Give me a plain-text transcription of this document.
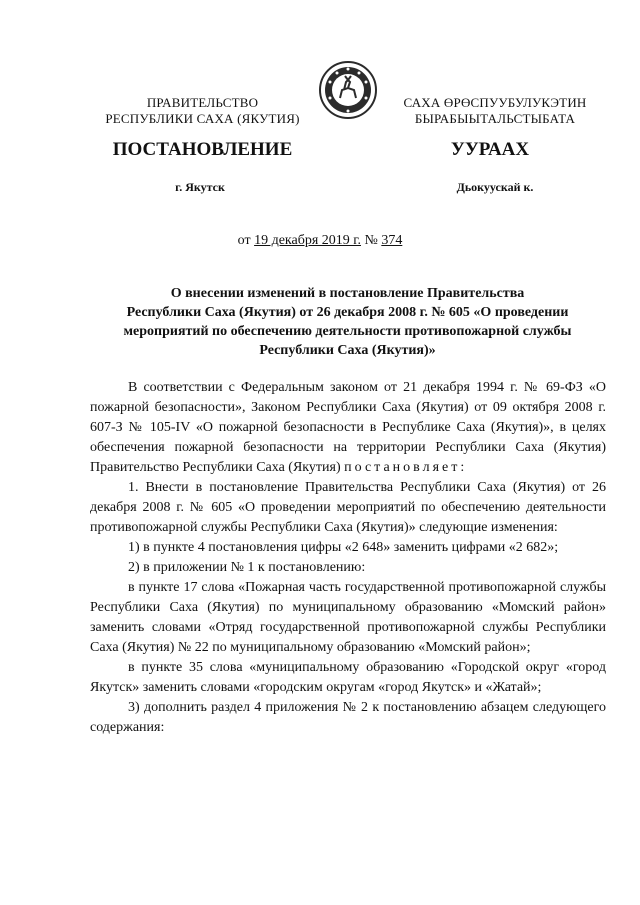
ПРАВИТЕЛЬСТВО
РЕСПУБЛИКИ САХА (ЯКУТИЯ)
САХА ӨРӨСПУУБУЛУКЭТИН
БЫРАБЫЫТАЛЬСТЫБАТА
ПОСТАНОВЛЕНИЕ	УУРААХ
г. Якутск	Дьокуускай к.
от 19 декабря 2019 г. № 374
О внесении изменений в постановление Правительства
Республики Саха (Якутия) от 26 декабря 2008 г. № 605 «О проведении
мероприятий по обеспечению деятельности противопожарной службы
Республики Саха (Якутия)»

В соответствии с Федеральным законом от 21 декабря 1994 г. № 69-ФЗ «О пожарной безопасности», Законом Республики Саха (Якутия) от 09 октября 2008 г. 607-З № 105-IV «О пожарной безопасности в Республике Саха (Якутия)», в целях обеспечения пожарной безопасности на территории Республики Саха (Якутия) Правительство Республики Саха (Якутия) постановляет:

1. Внести в постановление Правительства Республики Саха (Якутия) от 26 декабря 2008 г. № 605 «О проведении мероприятий по обеспечению деятельности противопожарной службы Республики Саха (Якутия)» следующие изменения:

1) в пункте 4 постановления цифры «2 648» заменить цифрами «2 682»;

2) в приложении № 1 к постановлению:

в пункте 17 слова «Пожарная часть государственной противопожарной службы Республики Саха (Якутия) по муниципальному образованию «Момский район» заменить словами «Отряд государственной противопожарной службы Республики Саха (Якутия) № 22 по муниципальному образованию «Момский район»;

в пункте 35 слова «муниципальному образованию «Городской округ «город Якутск» заменить словами «городским округам «город Якутск» и «Жатай»;

3) дополнить раздел 4 приложения № 2 к постановлению абзацем следующего содержания:
